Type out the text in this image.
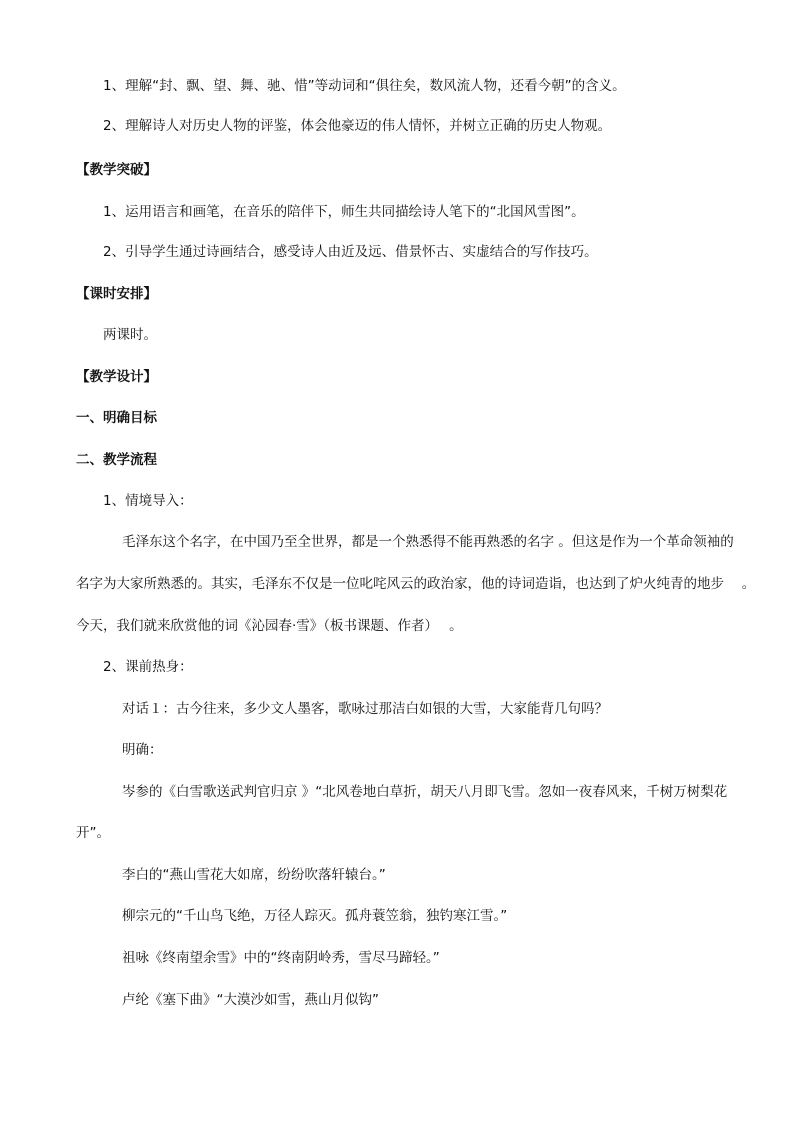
1、理解“封、飘、望、舞、驰、惜”等动词和“俱往矣，数风流人物，还看今朝”的含义。
2、理解诗人对历史人物的评鉴，体会他豪迈的伟人情怀，并树立正确的历史人物观。
【教学突破】
1、运用语言和画笔，在音乐的陪伴下，师生共同描绘诗人笔下的“北国风雪图”。
2、引导学生通过诗画结合，感受诗人由近及远、借景怀古、实虚结合的写作技巧。
【课时安排】
两课时。
【教学设计】
一、明确目标
二、教学流程
1、情境导入：
毛泽东这个名字，在中国乃至全世界，都是一个熟悉得不能再熟悉的名字 。但这是作为一个革命领袖的
名字为大家所熟悉的。其实，毛泽东不仅是一位叱咤风云的政治家，他的诗词造诣，也达到了炉火纯青的地步　 。
今天，我们就来欣赏他的词《沁园春·雪》（板书课题、作者）　 。
2、课前热身：
对话１：古今往来，多少文人墨客，歌咏过那洁白如银的大雪，大家能背几句吗？
明确：
岑参的《白雪歌送武判官归京 》“北风卷地白草折，胡天八月即飞雪。忽如一夜春风来，千树万树梨花
开”。
李白的“燕山雪花大如席，纷纷吹落轩辕台。”
柳宗元的“千山鸟飞绝，万径人踪灭。孤舟蓑笠翁，独钓寒江雪。”
祖咏《终南望余雪》中的“终南阴岭秀，雪尽马蹄轻。”
卢纶《塞下曲》“大漠沙如雪，燕山月似钩”
